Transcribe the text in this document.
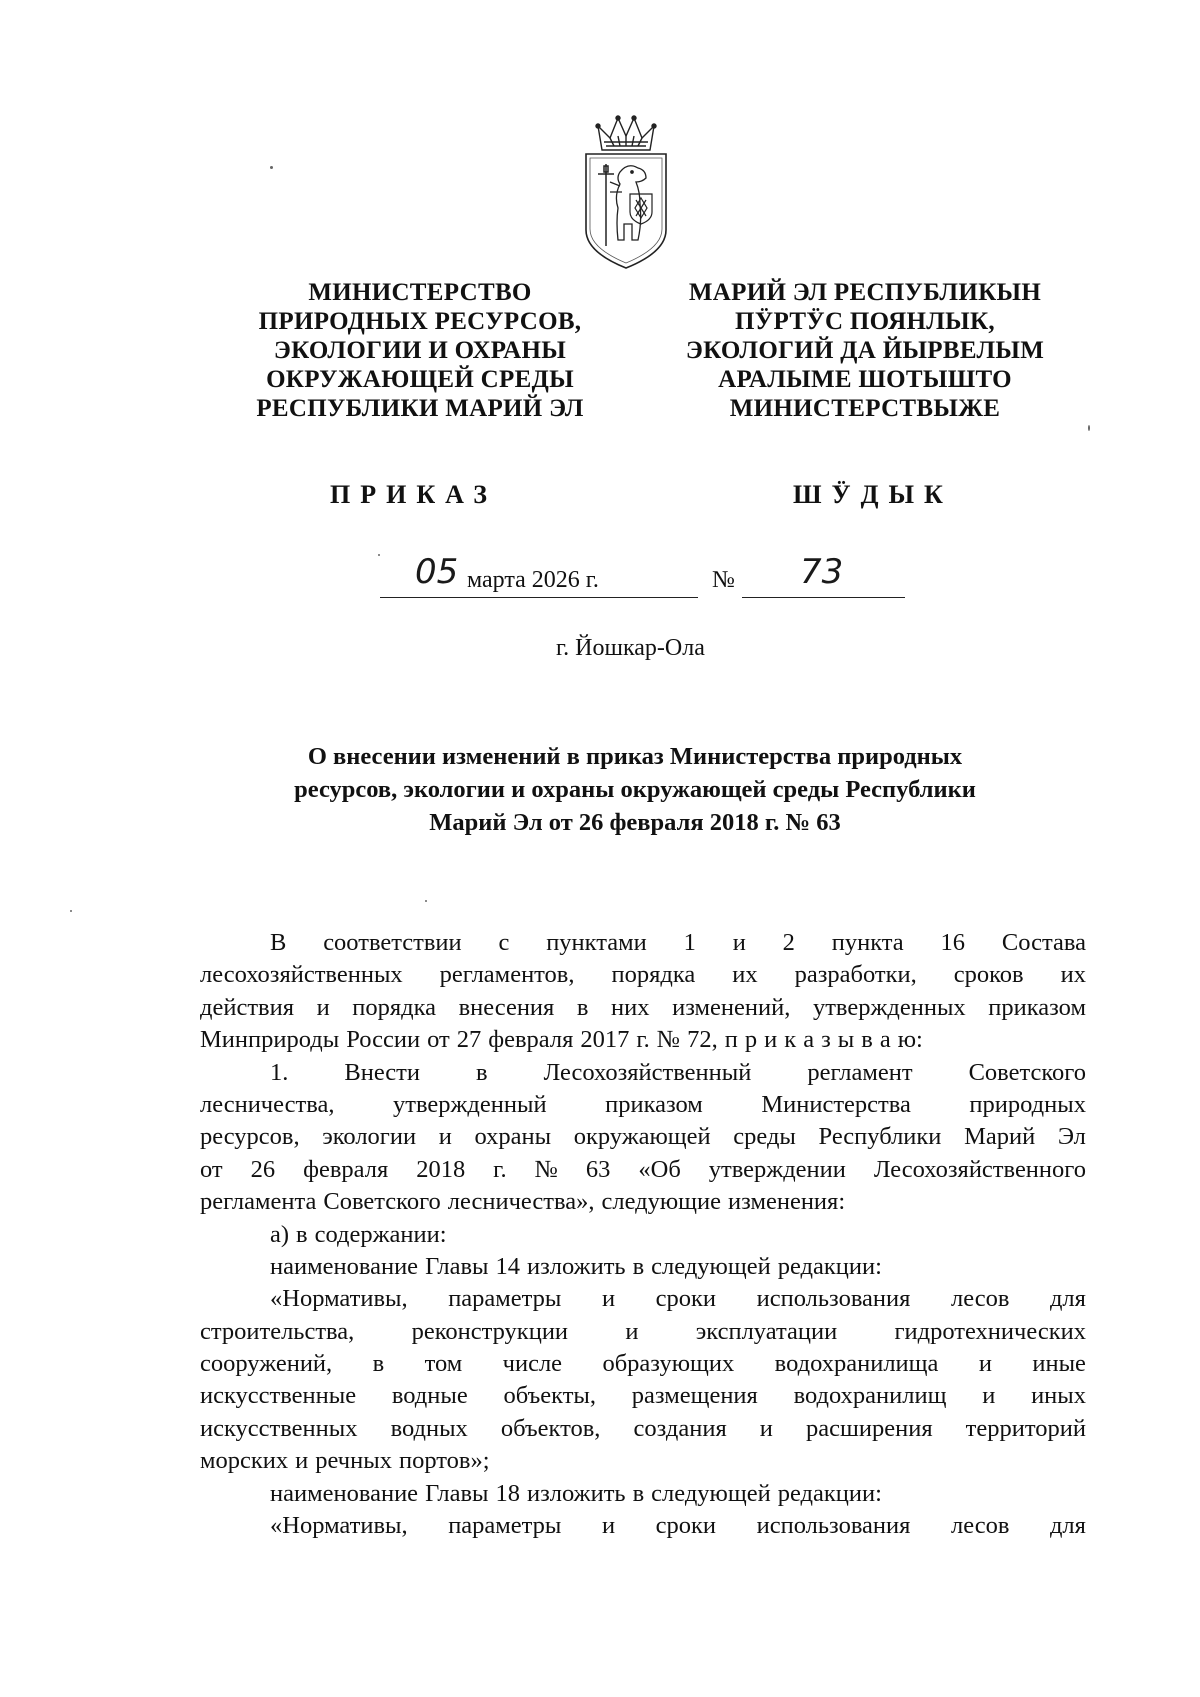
МИНИСТЕРСТВО
ПРИРОДНЫХ РЕСУРСОВ,
ЭКОЛОГИИ И ОХРАНЫ
ОКРУЖАЮЩЕЙ СРЕДЫ
РЕСПУБЛИКИ МАРИЙ ЭЛ
МАРИЙ ЭЛ РЕСПУБЛИКЫН
ПӰРТӰС ПОЯНЛЫК,
ЭКОЛОГИЙ ДА ЙЫРВЕЛЫМ
АРАЛЫМЕ ШОТЫШТО
МИНИСТЕРСТВЫЖЕ
ПРИКАЗ	ШӰДЫК
05 марта 2026 г.	№ 73
г. Йошкар-Ола
О внесении изменений в приказ Министерства природных
ресурсов, экологии и охраны окружающей среды Республики
Марий Эл от 26 февраля 2018 г. № 63
В соответствии с пунктами 1 и 2 пункта 16 Состава
лесохозяйственных регламентов, порядка их разработки, сроков их
действия и порядка внесения в них изменений, утвержденных приказом
Минприроды России от 27 февраля 2017 г. № 72, п р и к а з ы в а ю:
1. Внести в Лесохозяйственный регламент Советского
лесничества, утвержденный приказом Министерства природных
ресурсов, экологии и охраны окружающей среды Республики Марий Эл
от 26 февраля 2018 г. № 63 «Об утверждении Лесохозяйственного
регламента Советского лесничества», следующие изменения:
а) в содержании:
наименование Главы 14 изложить в следующей редакции:
«Нормативы, параметры и сроки использования лесов для
строительства, реконструкции и эксплуатации гидротехнических
сооружений, в том числе образующих водохранилища и иные
искусственные водные объекты, размещения водохранилищ и иных
искусственных водных объектов, создания и расширения территорий
морских и речных портов»;
наименование Главы 18 изложить в следующей редакции:
«Нормативы, параметры и сроки использования лесов для
